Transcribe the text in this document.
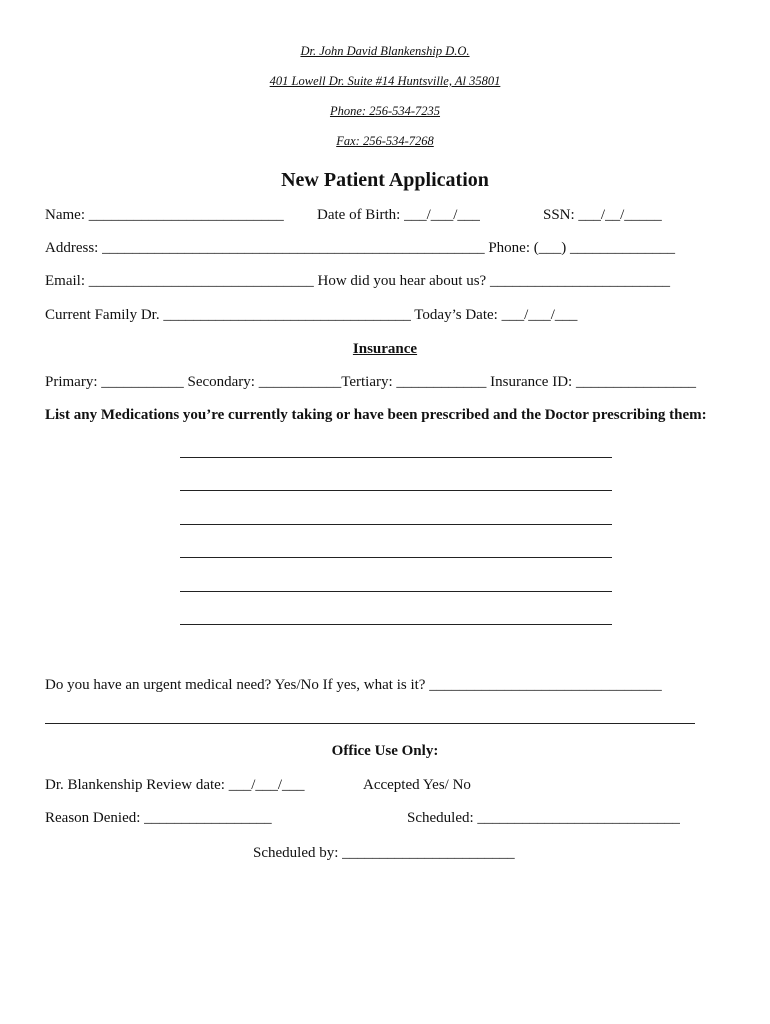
Dr. John David Blankenship D.O.
401 Lowell Dr. Suite #14 Huntsville, Al 35801
Phone: 256-534-7235
Fax: 256-534-7268
New Patient Application
Name: __________________________ Date of Birth: ___/___/___	SSN: ___/__/_____
Address: ___________________________________________________ Phone: (___) ______________
Email: ______________________________ How did you hear about us? ________________________
Current Family Dr. _________________________________ Today’s Date: ___/___/___
Insurance
Primary: ___________ Secondary: ___________Tertiary: ____________ Insurance ID: ________________
List any Medications you’re currently taking or have been prescribed and the Doctor prescribing them:
Do you have an urgent medical need? Yes/No If yes, what is it? _______________________________
Office Use Only:
Dr. Blankenship Review date: ___/___/___	Accepted Yes/ No
Reason Denied: _________________	Scheduled: ___________________________
Scheduled by: _______________________
